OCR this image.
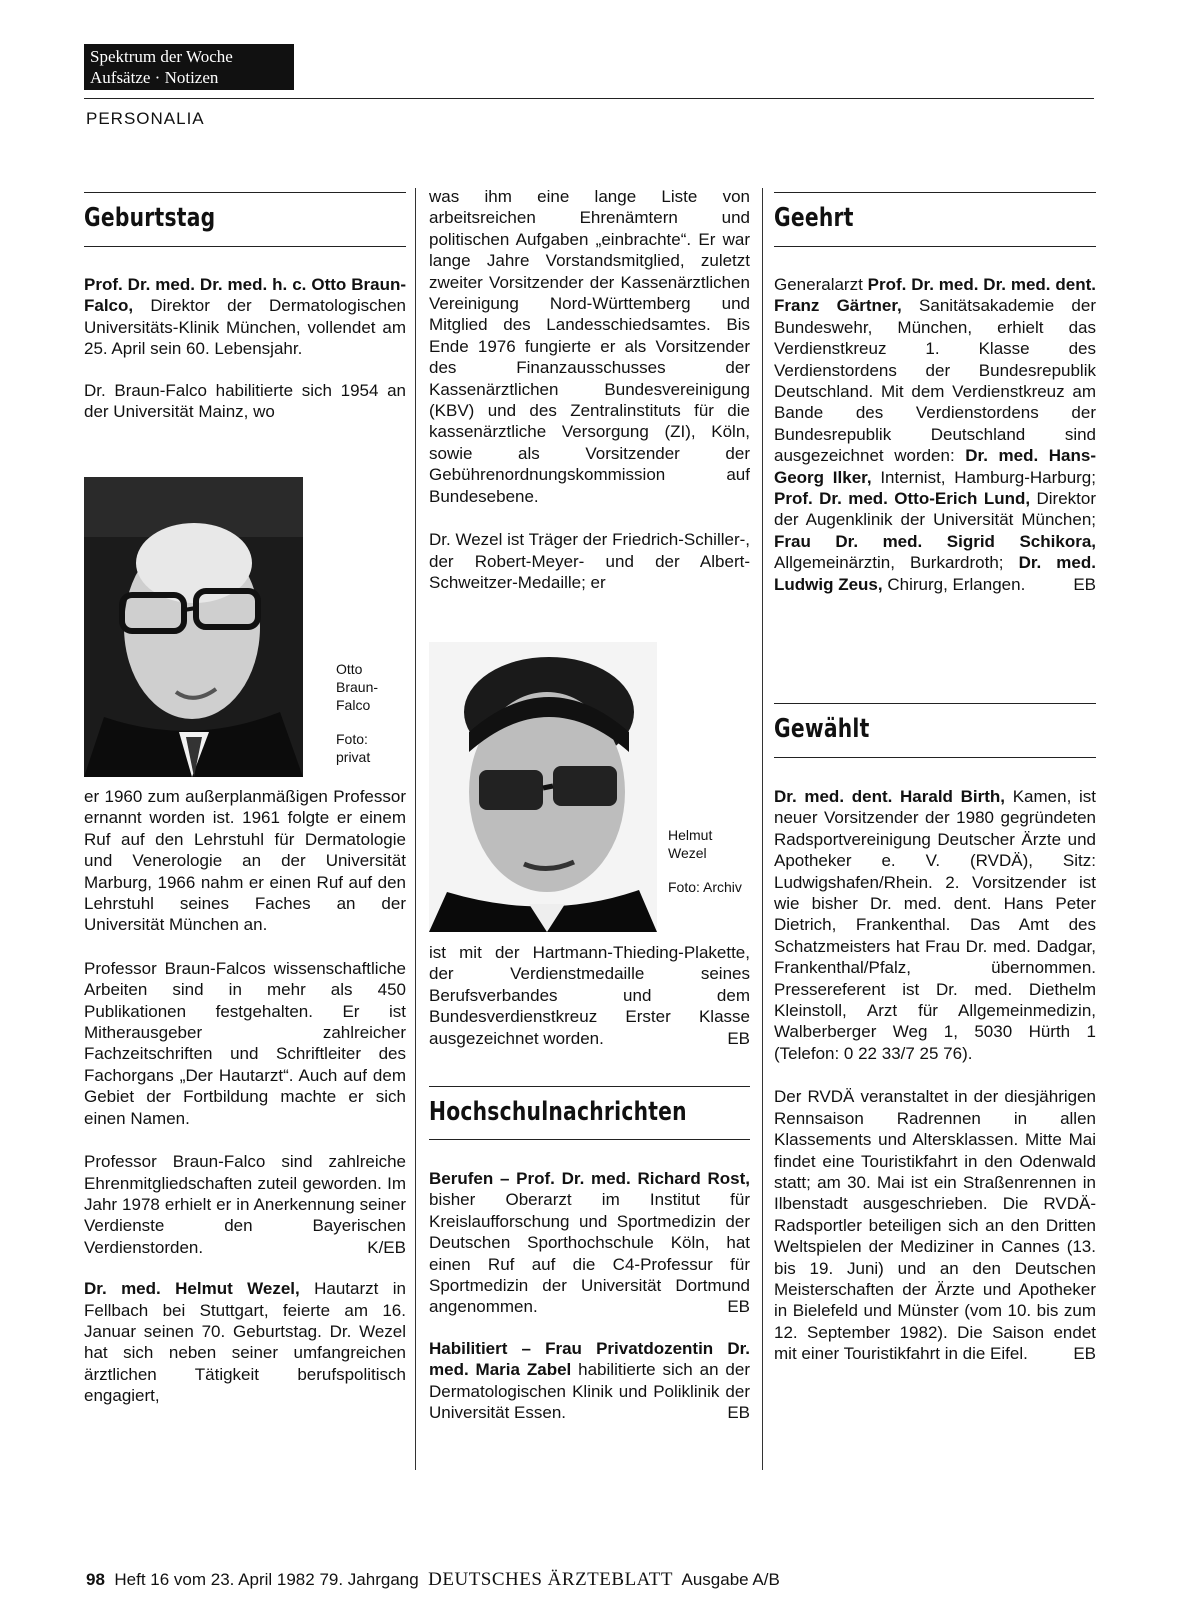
Spektrum der Woche
Aufsätze · Notizen
PERSONALIA
Geburtstag

Prof. Dr. med. Dr. med. h. c. Otto Braun-Falco, Direktor der Dermatologischen Universitäts-Klinik München, vollendet am 25. April sein 60. Lebensjahr.

Dr. Braun-Falco habilitierte sich 1954 an der Universität Mainz, wo

Otto Braun-Falco

Foto: privat

er 1960 zum außerplanmäßigen Professor ernannt worden ist. 1961 folgte er einem Ruf auf den Lehrstuhl für Dermatologie und Venerologie an der Universität Marburg, 1966 nahm er einen Ruf auf den Lehrstuhl seines Faches an der Universität München an.

Professor Braun-Falcos wissenschaftliche Arbeiten sind in mehr als 450 Publikationen festgehalten. Er ist Mitherausgeber zahlreicher Fachzeitschriften und Schriftleiter des Fachorgans „Der Hautarzt“. Auch auf dem Gebiet der Fortbildung machte er sich einen Namen.

Professor Braun-Falco sind zahlreiche Ehrenmitgliedschaften zuteil geworden. Im Jahr 1978 erhielt er in Anerkennung seiner Verdienste den Bayerischen Verdienstorden.	K/EB

Dr. med. Helmut Wezel, Hautarzt in Fellbach bei Stuttgart, feierte am 16. Januar seinen 70. Geburtstag. Dr. Wezel hat sich neben seiner umfangreichen ärztlichen Tätigkeit berufspolitisch engagiert,

was ihm eine lange Liste von arbeitsreichen Ehrenämtern und politischen Aufgaben „einbrachte“. Er war lange Jahre Vorstandsmitglied, zuletzt zweiter Vorsitzender der Kassenärztlichen Vereinigung Nord-Württemberg und Mitglied des Landesschiedsamtes. Bis Ende 1976 fungierte er als Vorsitzender des Finanzausschusses der Kassenärztlichen Bundesvereinigung (KBV) und des Zentralinstituts für die kassenärztliche Versorgung (ZI), Köln, sowie als Vorsitzender der Gebührenordnungskommission auf Bundesebene.

Dr. Wezel ist Träger der Friedrich-Schiller-, der Robert-Meyer- und der Albert-Schweitzer-Medaille; er

Helmut Wezel

Foto: Archiv

ist mit der Hartmann-Thieding-Plakette, der Verdienstmedaille seines Berufsverbandes und dem Bundesverdienstkreuz Erster Klasse ausgezeichnet worden.	EB

Hochschulnachrichten

Berufen – Prof. Dr. med. Richard Rost, bisher Oberarzt im Institut für Kreislaufforschung und Sportmedizin der Deutschen Sporthochschule Köln, hat einen Ruf auf die C4-Professur für Sportmedizin der Universität Dortmund angenommen.	EB

Habilitiert – Frau Privatdozentin Dr. med. Maria Zabel habilitierte sich an der Dermatologischen Klinik und Poliklinik der Universität Essen.	EB

Geehrt

Generalarzt Prof. Dr. med. Dr. med. dent. Franz Gärtner, Sanitätsakademie der Bundeswehr, München, erhielt das Verdienstkreuz 1. Klasse des Verdienstordens der Bundesrepublik Deutschland. Mit dem Verdienstkreuz am Bande des Verdienstordens der Bundesrepublik Deutschland sind ausgezeichnet worden: Dr. med. Hans-Georg Ilker, Internist, Hamburg-Harburg; Prof. Dr. med. Otto-Erich Lund, Direktor der Augenklinik der Universität München; Frau Dr. med. Sigrid Schikora, Allgemeinärztin, Burkardroth; Dr. med. Ludwig Zeus, Chirurg, Erlangen.	EB

Gewählt

Dr. med. dent. Harald Birth, Kamen, ist neuer Vorsitzender der 1980 gegründeten Radsportvereinigung Deutscher Ärzte und Apotheker e. V. (RVDÄ), Sitz: Ludwigshafen/Rhein. 2. Vorsitzender ist wie bisher Dr. med. dent. Hans Peter Dietrich, Frankenthal. Das Amt des Schatzmeisters hat Frau Dr. med. Dadgar, Frankenthal/Pfalz, übernommen. Pressereferent ist Dr. med. Diethelm Kleinstoll, Arzt für Allgemeinmedizin, Walberberger Weg 1, 5030 Hürth 1 (Telefon: 0 22 33/7 25 76).

Der RVDÄ veranstaltet in der diesjährigen Rennsaison Radrennen in allen Klassements und Altersklassen. Mitte Mai findet eine Touristikfahrt in den Odenwald statt; am 30. Mai ist ein Straßenrennen in Ilbenstadt ausgeschrieben. Die RVDÄ-Radsportler beteiligen sich an den Dritten Weltspielen der Mediziner in Cannes (13. bis 19. Juni) und an den Deutschen Meisterschaften der Ärzte und Apotheker in Bielefeld und Münster (vom 10. bis zum 12. September 1982). Die Saison endet mit einer Touristikfahrt in die Eifel.	EB

98 Heft 16 vom 23. April 1982 79. Jahrgang DEUTSCHES ÄRZTEBLATT Ausgabe A/B
